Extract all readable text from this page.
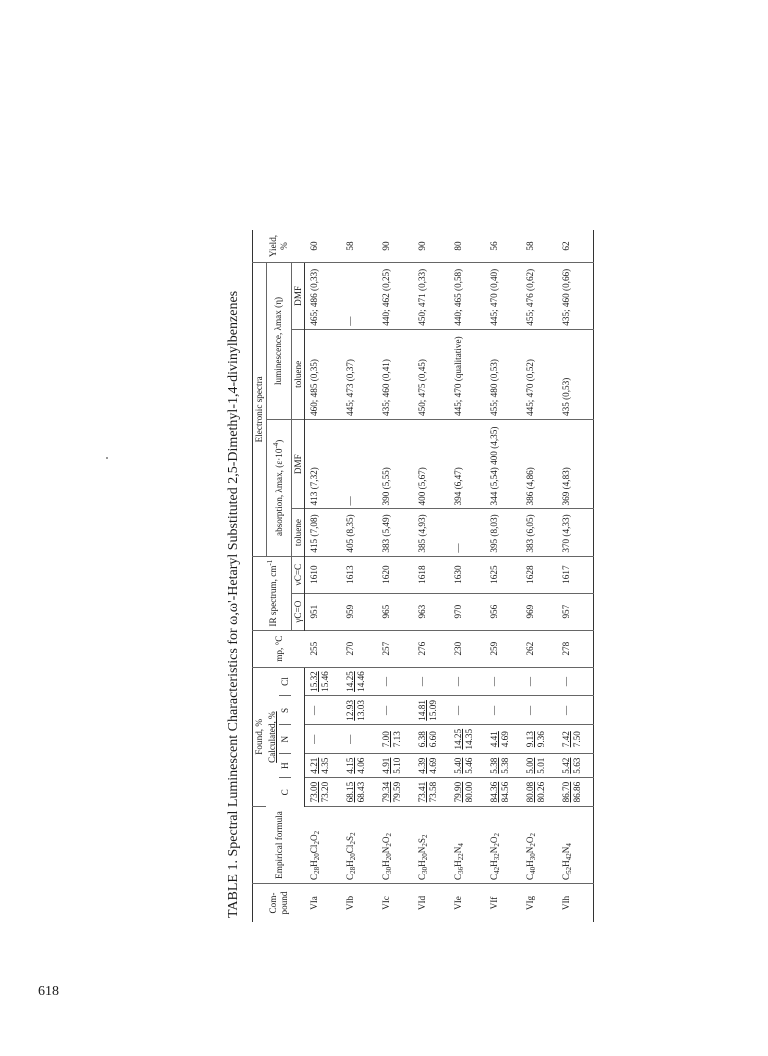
TABLE 1. Spectral Luminescent Characteristics for ω,ω'-Hetaryl Substituted 2,5-Dimethyl-1,4-divinylbenzenes	Com-pound	Empirical formula	Found, %					mp, °C	IR spectrum, $cm^{-1}$		Electronic spectra				Yield, %
		Calculated, %								absorption, λmax, $(\varepsilon\cdot 10^{-4})$		luminescence, λmax (η)		
		C	H	N	S	Cl								
								γC=O	νC=C	toluene	DMF	toluene	DMF	
VIa	$C_{28}H_{20}Cl_2O_2$	73.00 73.20	4.21 4.35	—	—	15.32 15.46	255	951	1610	415 (7,08)	413 (7,32)	460; 485 (0,35)	465; 486 (0,33)	60
VIb	$C_{28}H_{20}Cl_2S_2$	68.15 68.43	4.15 4.06	—	12.93 13.03	14.25 14.46	270	959	1613	405 (8,35)	—	445; 473 (0,37)	—	58
VIc	$C_{30}H_{20}N_2O_2$	79.34 79.59	4.91 5.10	7.00 7.13	—	—	257	965	1620	383 (5,49)	390 (5,55)	435; 460 (0,41)	440; 462 (0,25)	90
VId	$C_{30}H_{20}N_2S_2$	73.41 73.58	4.39 4.69	6.38 6.60	14.81 15.09	—	276	963	1618	385 (4,93)	400 (5,67)	450; 475 (0,45)	450; 471 (0,33)	90
VIe	$C_{36}H_{22}N_4$	79.90 80.00	5.40 5.46	14.25 14.35	—	—	230	970	1630	—	394 (6,47)	445; 470 (qualitative)	440; 465 (0,58)	80
VIf	$C_{42}H_{32}N_2O_2$	84.36 84.56	5.38 5.38	4.41 4.69	—	—	259	956	1625	395 (8,03)	344 (5,54) 400 (4,35)	455; 480 (0,53)	445; 470 (0,40)	56
VIg	$C_{40}H_{30}N_2O_2$	80.08 80.26	5.00 5.01	9.13 9.36	—	—	262	969	1628	383 (6,05)	386 (4,86)	445; 470 (0,52)	455; 476 (0,62)	58
VIh	$C_{52}H_{42}N_4$	86.70 86.86	5.42 5.63	7.42 7.50	—	—	278	957	1617	370 (4,33)	369 (4,83)	435 (0,53)	435; 460 (0,66)	62
618
